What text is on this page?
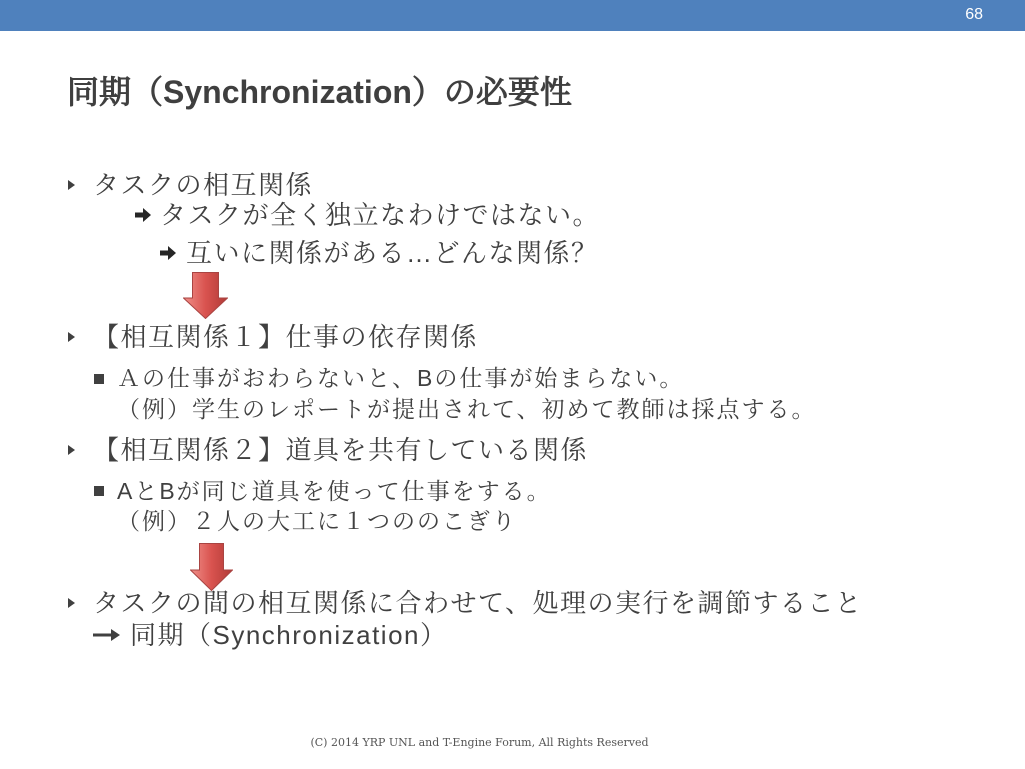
68
同期（Synchronization）の必要性
タスクの相互関係
タスクが全く独立なわけではない。
互いに関係がある…どんな関係？
【相互関係１】仕事の依存関係
Ａの仕事がおわらないと、Bの仕事が始まらない。
（例）学生のレポートが提出されて、初めて教師は採点する。
【相互関係２】道具を共有している関係
AとBが同じ道具を使って仕事をする。
（例）２人の大工に１つののこぎり
タスクの間の相互関係に合わせて、処理の実行を調節すること
同期（Synchronization）
(C) 2014 YRP UNL and T-Engine Forum, All Rights Reserved
